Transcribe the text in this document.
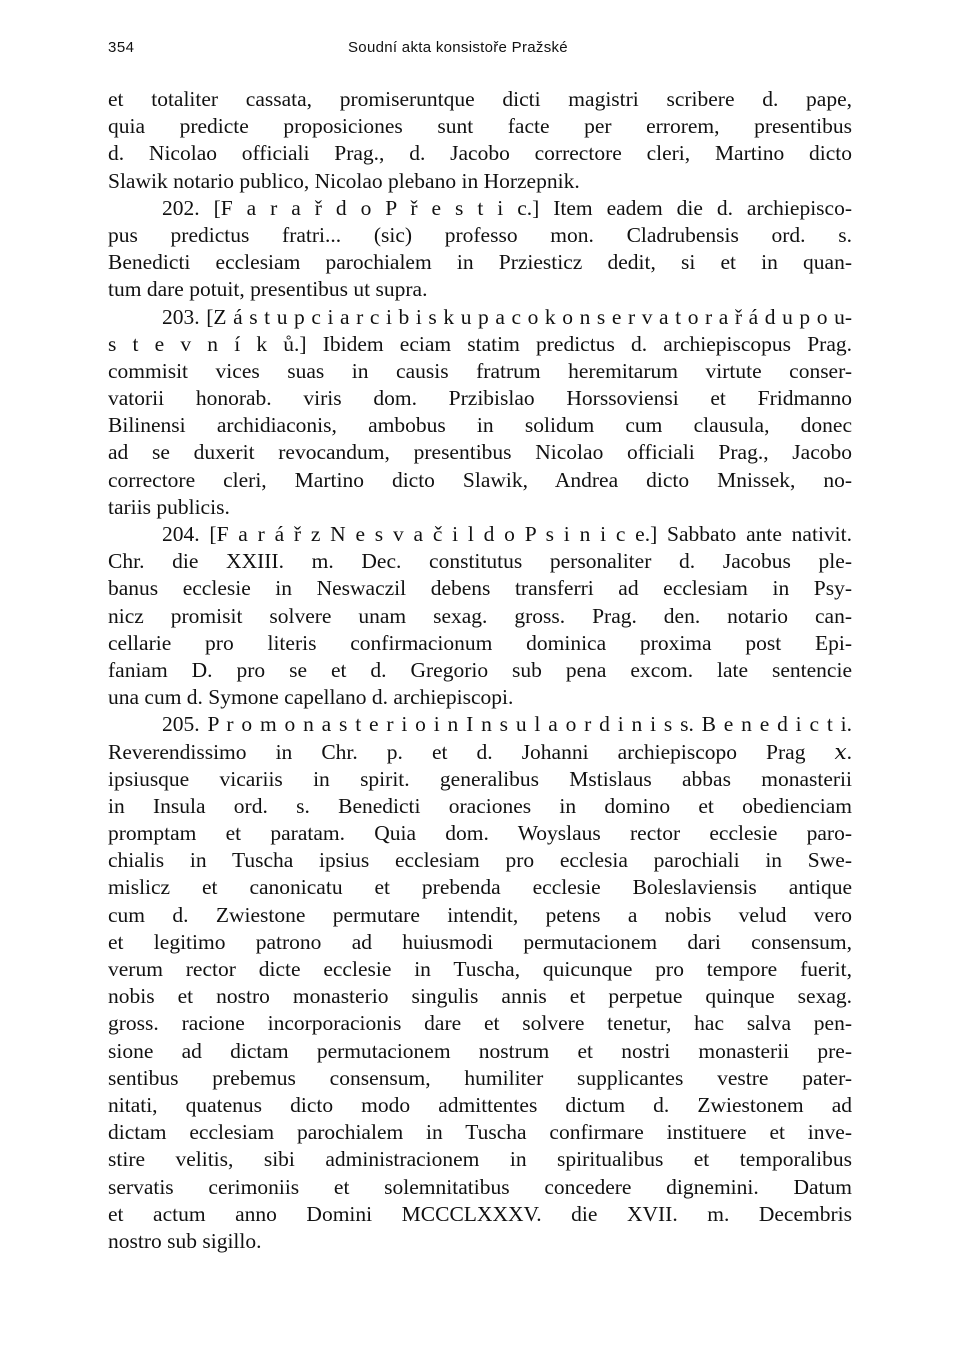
354	Soudní akta konsistoře Pražské
et totaliter cassata, promiseruntque dicti magistri scribere d. pape,
quia predicte proposiciones sunt facte per errorem, presentibus
d. Nicolao officiali Prag., d. Jacobo correctore cleri, Martino dicto
Slawik notario publico, Nicolao plebano in Horzepnik.
202. [F a r a ř d o P ř e s t i c.] Item eadem die d. archiepisco-
pus predictus fratri... (sic) professo mon. Cladrubensis ord. s.
Benedicti ecclesiam parochialem in Prziesticz dedit, si et in quan-
tum dare potuit, presentibus ut supra.
203. [Z á s t u p c i a r c i b i s k u p a c o k o n s e r v a t o r a ř á d u p o u-
s t e v n í k ů.] Ibidem eciam statim predictus d. archiepiscopus Prag.
commisit vices suas in causis fratrum heremitarum virtute conser-
vatorii honorab. viris dom. Przibislao Horssoviensi et Fridmanno
Bilinensi archidiaconis, ambobus in solidum cum clausula, donec
ad se duxerit revocandum, presentibus Nicolao officiali Prag., Jacobo
correctore cleri, Martino dicto Slawik, Andrea dicto Mnissek, no-
tariis publicis.
204. [F a r á ř z N e s v a č i l d o P s i n i c e.] Sabbato ante nativit.
Chr. die XXIII. m. Dec. constitutus personaliter d. Jacobus ple-
banus ecclesie in Neswaczil debens transferri ad ecclesiam in Psy-
nicz promisit solvere unam sexag. gross. Prag. den. notario can-
cellarie pro literis confirmacionum dominica proxima post Epi-
faniam D. pro se et d. Gregorio sub pena excom. late sentencie
una cum d. Symone capellano d. archiepiscopi.
205. P r o m o n a s t e r i o i n I n s u l a o r d i n i s s. B e n e d i c t i.
Reverendissimo in Chr. p. et d. Johanni archiepiscopo Prag 𝑥.
ipsiusque vicariis in spirit. generalibus Mstislaus abbas monasterii
in Insula ord. s. Benedicti oraciones in domino et obedienciam
promptam et paratam. Quia dom. Woyslaus rector ecclesie paro-
chialis in Tuscha ipsius ecclesiam pro ecclesia parochiali in Swe-
mislicz et canonicatu et prebenda ecclesie Boleslaviensis antique
cum d. Zwiestone permutare intendit, petens a nobis velud vero
et legitimo patrono ad huiusmodi permutacionem dari consensum,
verum rector dicte ecclesie in Tuscha, quicunque pro tempore fuerit,
nobis et nostro monasterio singulis annis et perpetue quinque sexag.
gross. racione incorporacionis dare et solvere tenetur, hac salva pen-
sione ad dictam permutacionem nostrum et nostri monasterii pre-
sentibus prebemus consensum, humiliter supplicantes vestre pater-
nitati, quatenus dicto modo admittentes dictum d. Zwiestonem ad
dictam ecclesiam parochialem in Tuscha confirmare instituere et inve-
stire velitis, sibi administracionem in spiritualibus et temporalibus
servatis cerimoniis et solemnitatibus concedere dignemini. Datum
et actum anno Domini MCCCLXXXV. die XVII. m. Decembris
nostro sub sigillo.
